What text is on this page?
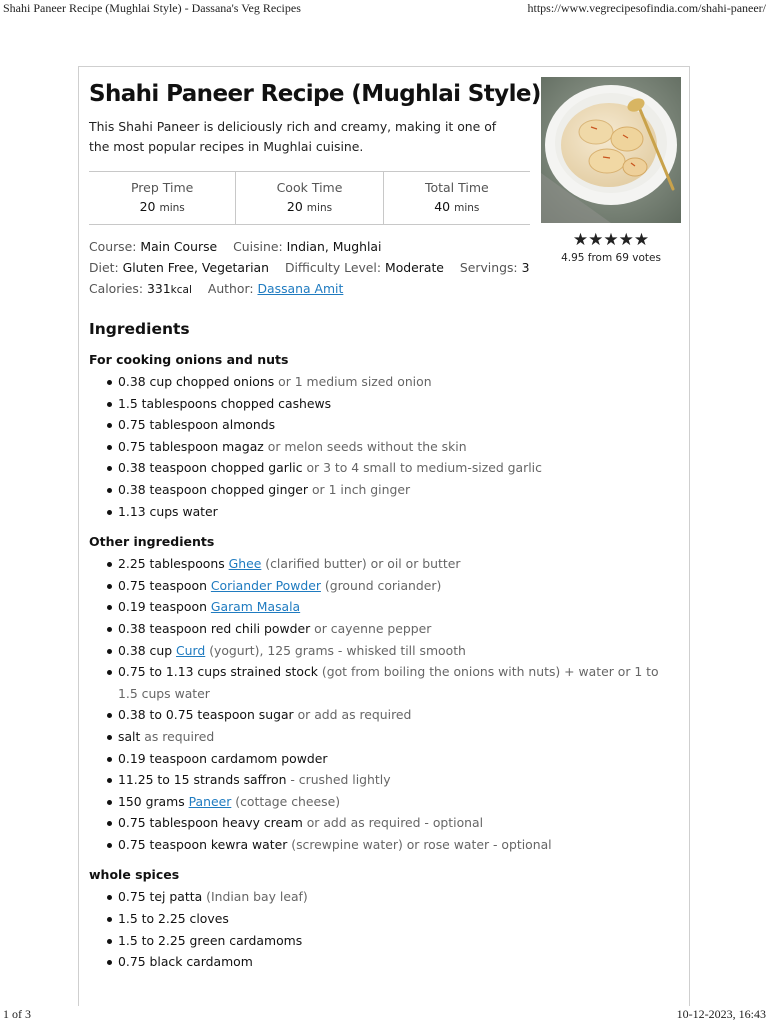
Shahi Paneer Recipe (Mughlai Style) - Dassana's Veg Recipes	https://www.vegrecipesofindia.com/shahi-paneer/
Shahi Paneer Recipe (Mughlai Style)
This Shahi Paneer is deliciously rich and creamy, making it one of the most popular recipes in Mughlai cuisine.
Prep Time
20 mins
Cook Time
20 mins
Total Time
40 mins
Course: Main Course Cuisine: Indian, Mughlai
Diet: Gluten Free, Vegetarian Difficulty Level: Moderate Servings: 3
Calories: 331kcal Author: Dassana Amit
★★★★★
4.95 from 69 votes
Ingredients
For cooking onions and nuts
0.38 cup chopped onions or 1 medium sized onion
1.5 tablespoons chopped cashews
0.75 tablespoon almonds
0.75 tablespoon magaz or melon seeds without the skin
0.38 teaspoon chopped garlic or 3 to 4 small to medium-sized garlic
0.38 teaspoon chopped ginger or 1 inch ginger
1.13 cups water
Other ingredients
2.25 tablespoons Ghee (clarified butter) or oil or butter
0.75 teaspoon Coriander Powder (ground coriander)
0.19 teaspoon Garam Masala
0.38 teaspoon red chili powder or cayenne pepper
0.38 cup Curd (yogurt), 125 grams - whisked till smooth
0.75 to 1.13 cups strained stock (got from boiling the onions with nuts) + water or 1 to 1.5 cups water
0.38 to 0.75 teaspoon sugar or add as required
salt as required
0.19 teaspoon cardamom powder
11.25 to 15 strands saffron - crushed lightly
150 grams Paneer (cottage cheese)
0.75 tablespoon heavy cream or add as required - optional
0.75 teaspoon kewra water (screwpine water) or rose water - optional
whole spices
0.75 tej patta (Indian bay leaf)
1.5 to 2.25 cloves
1.5 to 2.25 green cardamoms
0.75 black cardamom
1 of 3	10-12-2023, 16:43
